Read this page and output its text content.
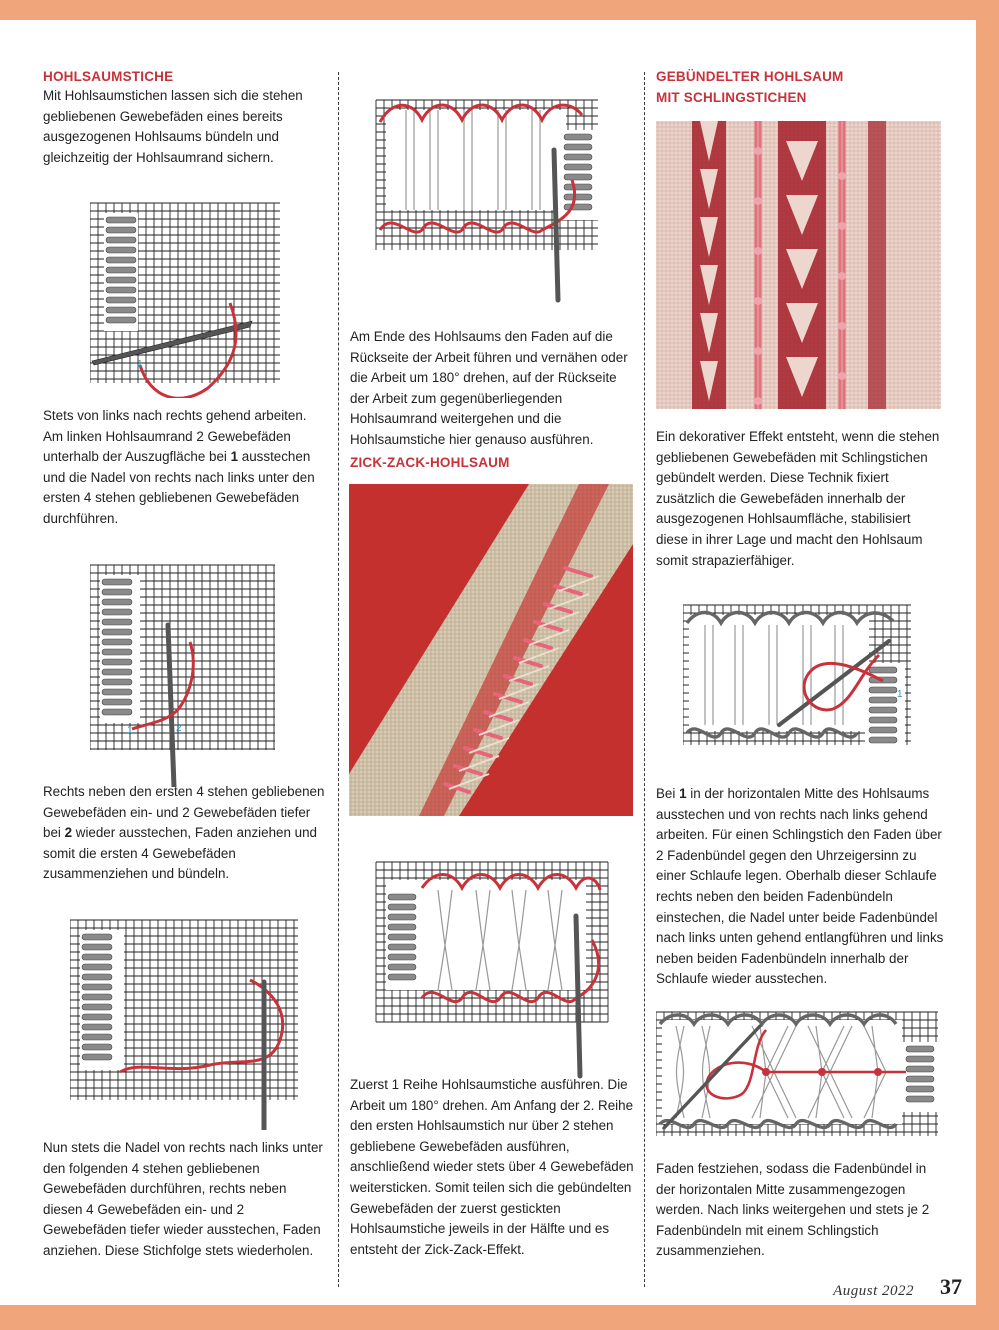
HOHLSAUMSTICHE
Mit Hohlsaumstichen lassen sich die stehen gebliebenen Gewebefäden eines bereits ausgezogenen Hohlsaums bündeln und gleichzeitig der Hohlsaumrand sichern.
1
Stets von links nach rechts gehend arbeiten. Am linken Hohlsaumrand 2 Gewebefäden unterhalb der Auszugfläche bei 1 ausstechen und die Nadel von rechts nach links unter den ersten 4 stehen gebliebenen Gewebefäden durchführen.
1	2
Rechts neben den ersten 4 stehen gebliebenen Gewebefäden ein- und 2 Gewebefäden tiefer bei 2 wieder ausstechen, Faden anziehen und somit die ersten 4 Gewebefäden zusammenziehen und bündeln.
Nun stets die Nadel von rechts nach links unter den folgenden 4 stehen gebliebenen Gewebefäden durchführen, rechts neben diesen 4 Gewebefäden ein- und 2 Gewebefäden tiefer wieder ausstechen, Faden anziehen. Diese Stichfolge stets wiederholen.
Am Ende des Hohlsaums den Faden auf die Rückseite der Arbeit führen und vernähen oder die Arbeit um 180° drehen, auf der Rückseite der Arbeit zum gegenüberliegenden Hohlsaumrand weitergehen und die Hohlsaumstiche hier genauso ausführen.
ZICK-ZACK-HOHLSAUM
Zuerst 1 Reihe Hohlsaumstiche ausführen. Die Arbeit um 180° drehen. Am Anfang der 2. Reihe den ersten Hohlsaumstich nur über 2 stehen gebliebene Gewebefäden ausführen, anschließend wieder stets über 4 Gewebefäden weitersticken. Somit teilen sich die gebündelten Gewebefäden der zuerst gestickten Hohlsaumstiche jeweils in der Hälfte und es entsteht der Zick-Zack-Effekt.
GEBÜNDELTER HOHLSAUM
MIT SCHLINGSTICHEN
Ein dekorativer Effekt entsteht, wenn die stehen gebliebenen Gewebefäden mit Schlingstichen gebündelt werden. Diese Technik fixiert zusätzlich die Gewebefäden innerhalb der ausgezogenen Hohlsaumfläche, stabilisiert diese in ihrer Lage und macht den Hohlsaum somit strapazierfähiger.
1
Bei 1 in der horizontalen Mitte des Hohlsaums ausstechen und von rechts nach links gehend arbeiten. Für einen Schlingstich den Faden über 2 Fadenbündel gegen den Uhrzeigersinn zu einer Schlaufe legen. Oberhalb dieser Schlaufe rechts neben den beiden Fadenbündeln einstechen, die Nadel unter beide Fadenbündel nach links unten gehend entlangführen und links neben beiden Fadenbündeln innerhalb der Schlaufe wieder ausstechen.
Faden festziehen, sodass die Fadenbündel in der horizontalen Mitte zusammengezogen werden. Nach links weitergehen und stets je 2 Fadenbündeln mit einem Schlingstich zusammenziehen.
August 2022 37
